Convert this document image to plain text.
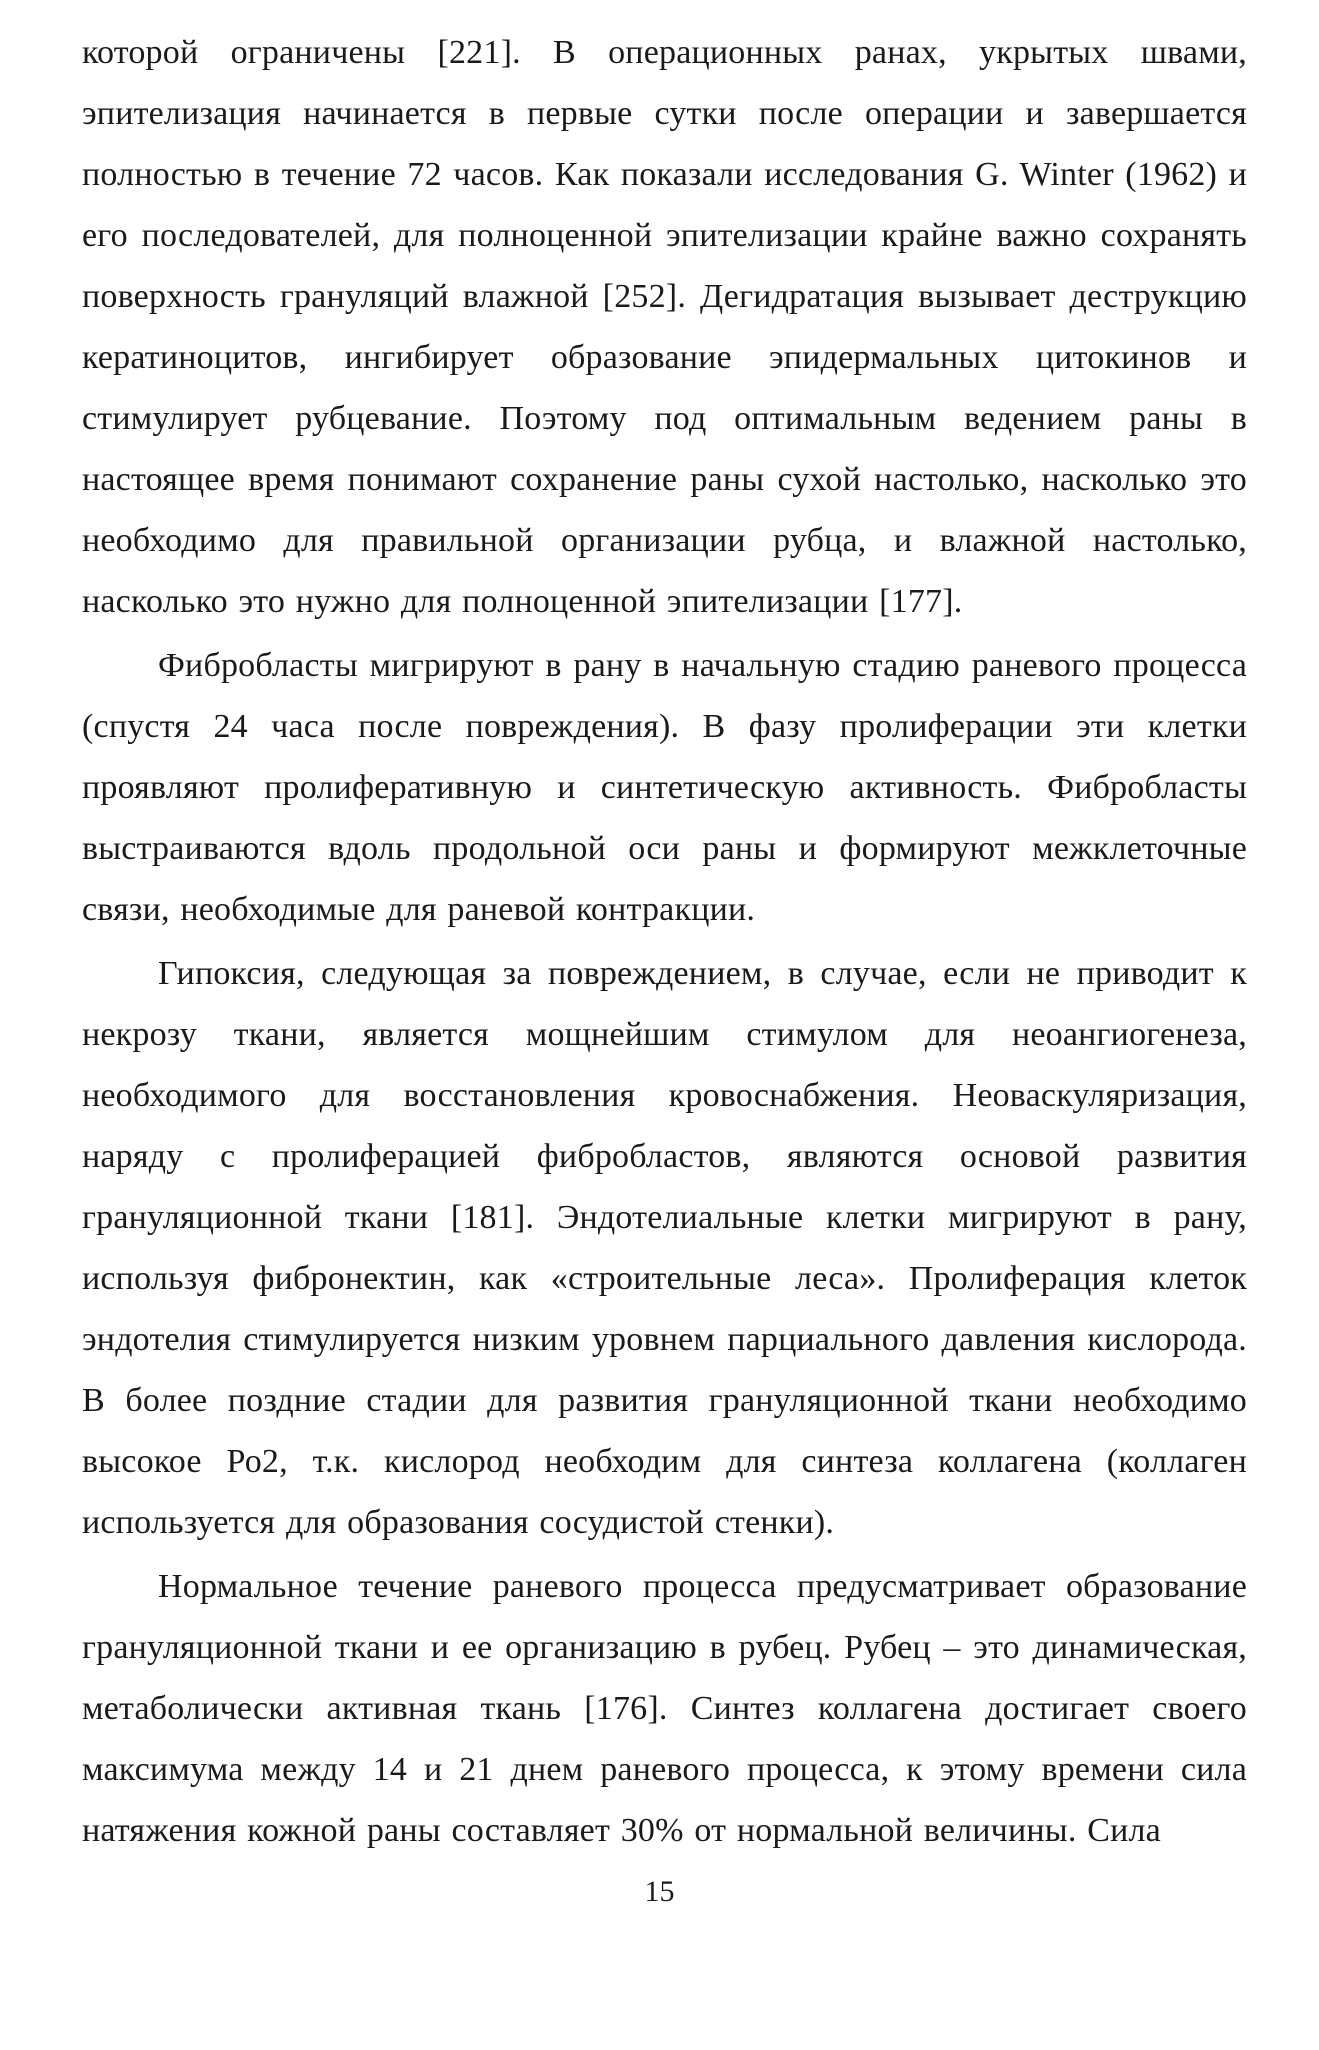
которой ограничены [221]. В операционных ранах, укрытых швами, эпителизация начинается в первые сутки после операции и завершается полностью в течение 72 часов. Как показали исследования G. Winter (1962) и его последователей, для полноценной эпителизации крайне важно сохранять поверхность грануляций влажной [252]. Дегидратация вызывает деструкцию кератиноцитов, ингибирует образование эпидермальных цитокинов и стимулирует рубцевание. Поэтому под оптимальным ведением раны в настоящее время понимают сохранение раны сухой настолько, насколько это необходимо для правильной организации рубца, и влажной настолько, насколько это нужно для полноценной эпителизации [177].

Фибробласты мигрируют в рану в начальную стадию раневого процесса (спустя 24 часа после повреждения). В фазу пролиферации эти клетки проявляют пролиферативную и синтетическую активность. Фибробласты выстраиваются вдоль продольной оси раны и формируют межклеточные связи, необходимые для раневой контракции.

Гипоксия, следующая за повреждением, в случае, если не приводит к некрозу ткани, является мощнейшим стимулом для неоангиогенеза, необходимого для восстановления кровоснабжения. Неоваскуляризация, наряду с пролиферацией фибробластов, являются основой развития грануляционной ткани [181]. Эндотелиальные клетки мигрируют в рану, используя фибронектин, как «строительные леса». Пролиферация клеток эндотелия стимулируется низким уровнем парциального давления кислорода. В более поздние стадии для развития грануляционной ткани необходимо высокое Ро2, т.к. кислород необходим для синтеза коллагена (коллаген используется для образования сосудистой стенки).

Нормальное течение раневого процесса предусматривает образование грануляционной ткани и ее организацию в рубец. Рубец – это динамическая, метаболически активная ткань [176]. Синтез коллагена достигает своего максимума между 14 и 21 днем раневого процесса, к этому времени сила натяжения кожной раны составляет 30% от нормальной величины. Сила

15
